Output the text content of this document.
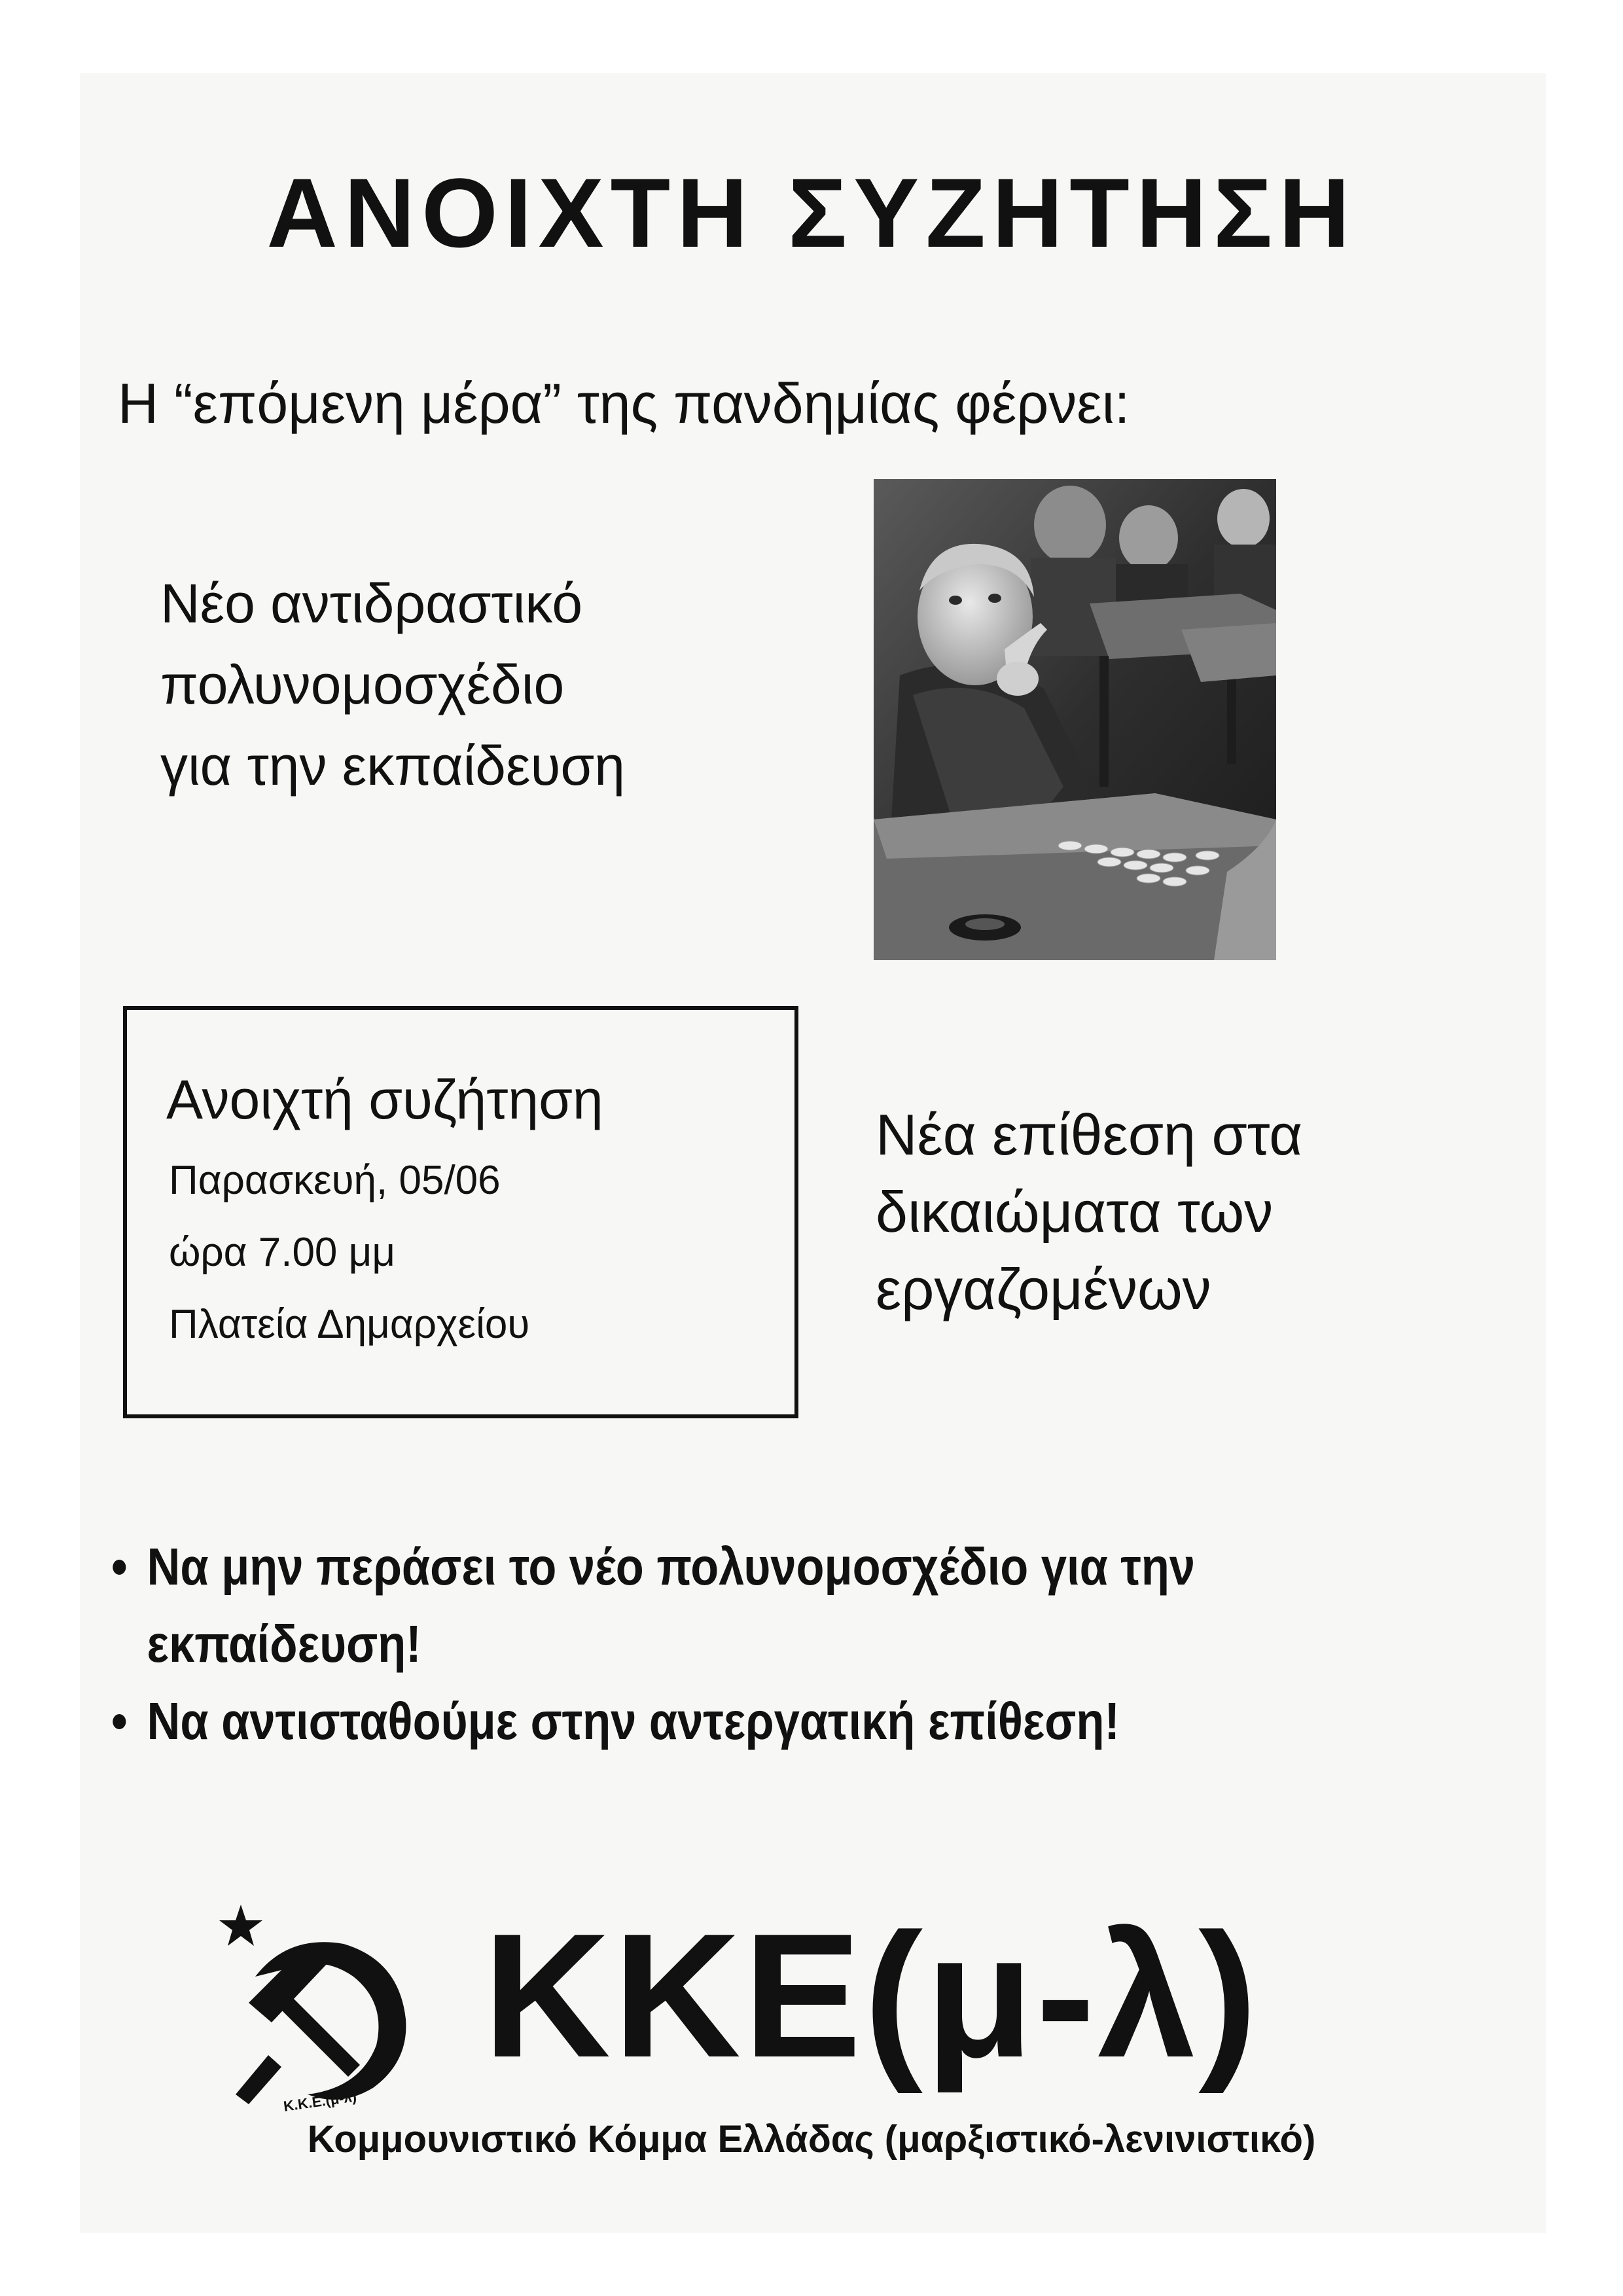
ΑΝΟΙΧΤΗ ΣΥΖΗΤΗΣΗ
Η “επόμενη μέρα” της πανδημίας φέρνει:
Νέο αντιδραστικό
πολυνομοσχέδιο
για την εκπαίδευση
Ανοιχτή συζήτηση
Παρασκευή, 05/06
ώρα 7.00 μμ
Πλατεία Δημαρχείου
Νέα επίθεση στα
δικαιώματα των
εργαζομένων
• Να μην περάσει το νέο πολυνομοσχέδιο για την
εκπαίδευση!
• Να αντισταθούμε στην αντεργατική επίθεση!
Κ.Κ.Ε.(μ-λ)
ΚΚΕ(μ-λ)
Κομμουνιστικό Κόμμα Ελλάδας (μαρξιστικό-λενινιστικό)
